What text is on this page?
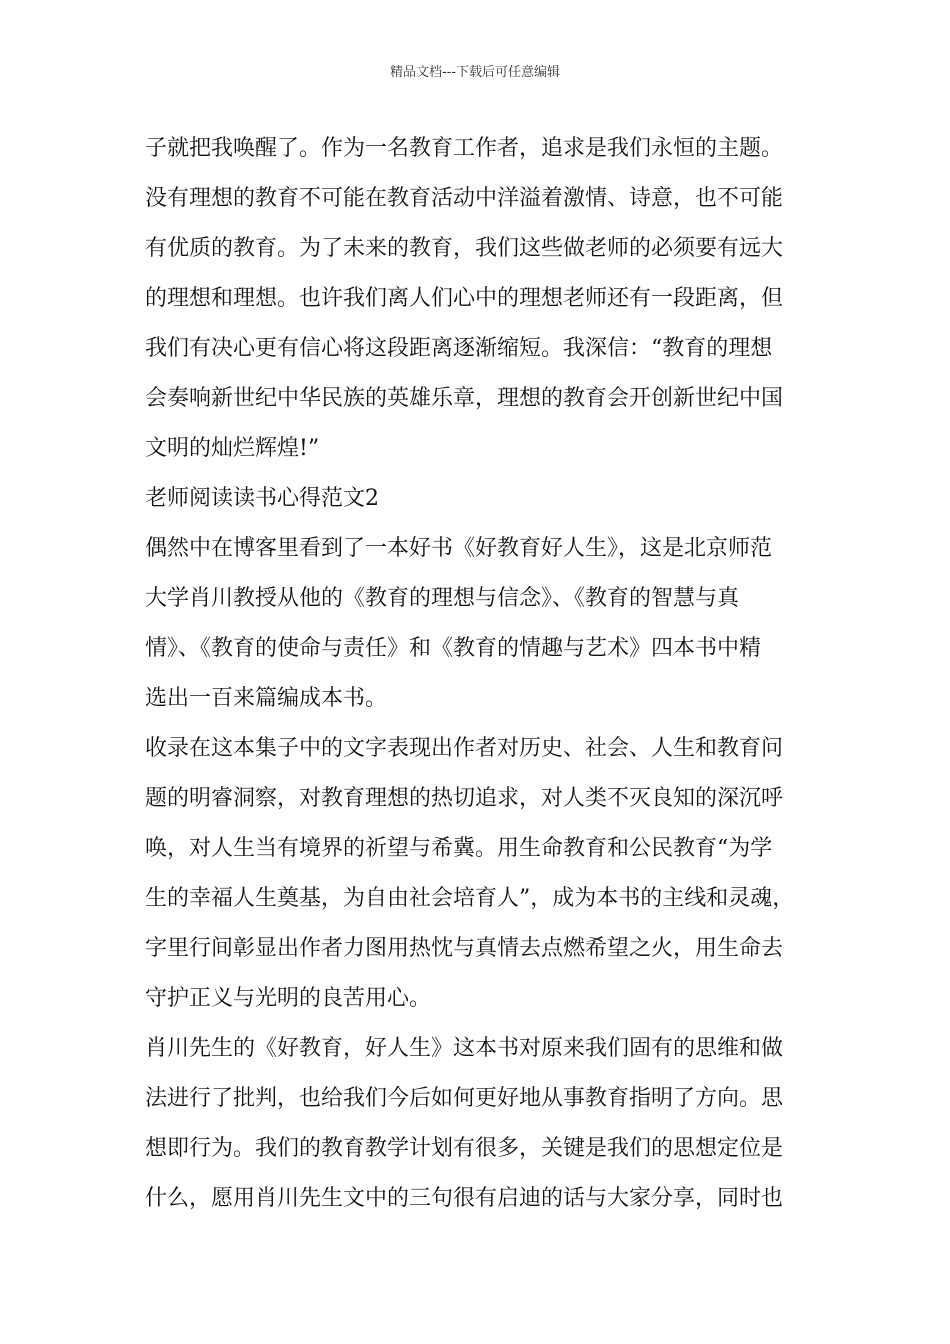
精品文档---下载后可任意编辑
子就把我唤醒了。作为一名教育工作者，追求是我们永恒的主题。
没有理想的教育不可能在教育活动中洋溢着激情、诗意，也不可能
有优质的教育。为了未来的教育，我们这些做老师的必须要有远大
的理想和理想。也许我们离人们心中的理想老师还有一段距离，但
我们有决心更有信心将这段距离逐渐缩短。我深信：“教育的理想
会奏响新世纪中华民族的英雄乐章，理想的教育会开创新世纪中国
文明的灿烂辉煌!”
老师阅读读书心得范文2
偶然中在博客里看到了一本好书《好教育好人生》，这是北京师范
大学肖川教授从他的《教育的理想与信念》、《教育的智慧与真
情》、《教育的使命与责任》和《教育的情趣与艺术》四本书中精
选出一百来篇编成本书。
收录在这本集子中的文字表现出作者对历史、社会、人生和教育问
题的明睿洞察，对教育理想的热切追求，对人类不灭良知的深沉呼
唤，对人生当有境界的祈望与希冀。用生命教育和公民教育“为学
生的幸福人生奠基，为自由社会培育人”，成为本书的主线和灵魂，
字里行间彰显出作者力图用热忱与真情去点燃希望之火，用生命去
守护正义与光明的良苦用心。
肖川先生的《好教育，好人生》这本书对原来我们固有的思维和做
法进行了批判，也给我们今后如何更好地从事教育指明了方向。思
想即行为。我们的教育教学计划有很多，关键是我们的思想定位是
什么，愿用肖川先生文中的三句很有启迪的话与大家分享，同时也
